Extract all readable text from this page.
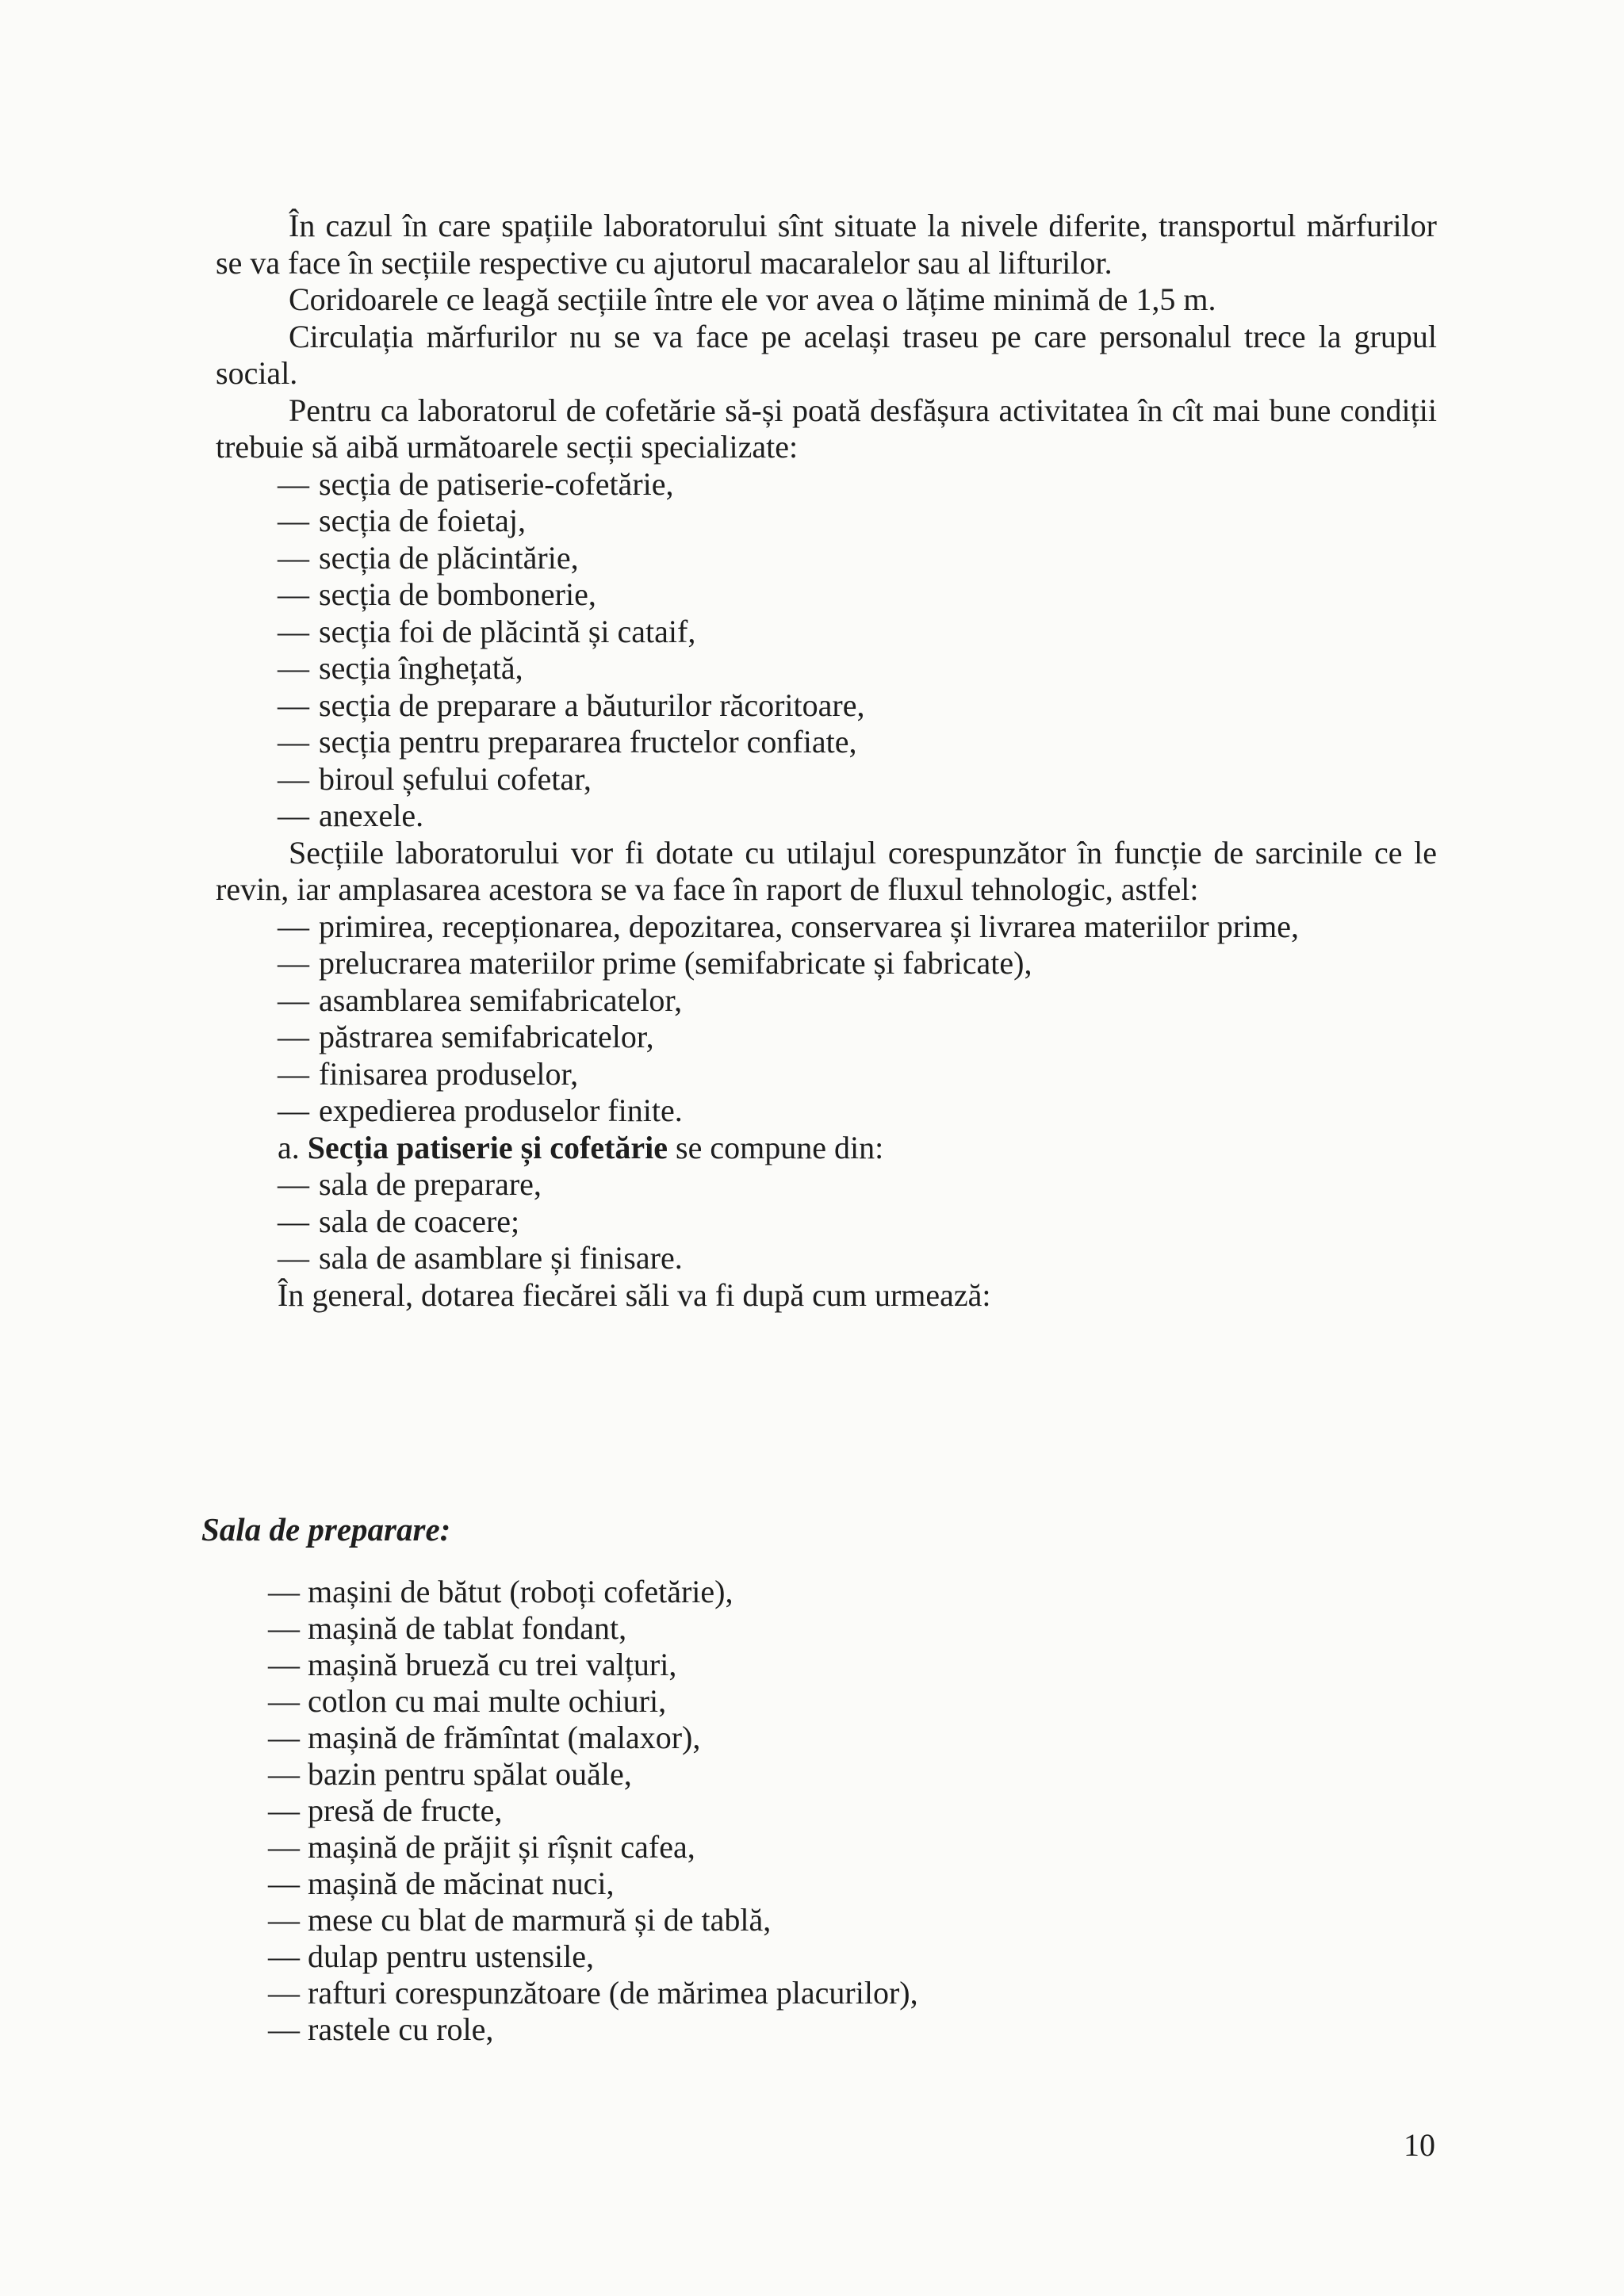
În cazul în care spațiile laboratorului sînt situate la nivele diferite, transportul mărfurilor se va face în secțiile respective cu ajutorul macaralelor sau al lifturilor.

Coridoarele ce leagă secțiile între ele vor avea o lățime minimă de 1,5 m.

Circulația mărfurilor nu se va face pe același traseu pe care personalul trece la grupul social.

Pentru ca laboratorul de cofetărie să-și poată desfășura activitatea în cît mai bune condiții trebuie să aibă următoarele secții specializate:

— secția de patiserie-cofetărie,

— secția de foietaj,

— secția de plăcintărie,

— secția de bombonerie,

— secția foi de plăcintă și cataif,

— secția înghețată,

— secția de preparare a băuturilor răcoritoare,

— secția pentru prepararea fructelor confiate,

— biroul șefului cofetar,

— anexele.

Secțiile laboratorului vor fi dotate cu utilajul corespunzător în funcție de sarcinile ce le revin, iar amplasarea acestora se va face în raport de fluxul tehnologic, astfel:

— primirea, recepționarea, depozitarea, conservarea și livrarea materiilor prime,

— prelucrarea materiilor prime (semifabricate și fabricate),

— asamblarea semifabricatelor,

— păstrarea semifabricatelor,

— finisarea produselor,

— expedierea produselor finite.

a. Secția patiserie și cofetărie se compune din:

— sala de preparare,

— sala de coacere;

— sala de asamblare și finisare.

În general, dotarea fiecărei săli va fi după cum urmează:

Sala de preparare:

— mașini de bătut (roboți cofetărie),

— mașină de tablat fondant,

— mașină brueză cu trei valțuri,

— cotlon cu mai multe ochiuri,

— mașină de frămîntat (malaxor),

— bazin pentru spălat ouăle,

— presă de fructe,

— mașină de prăjit și rîșnit cafea,

— mașină de măcinat nuci,

— mese cu blat de marmură și de tablă,

— dulap pentru ustensile,

— rafturi corespunzătoare (de mărimea placurilor),

— rastele cu role,

10
